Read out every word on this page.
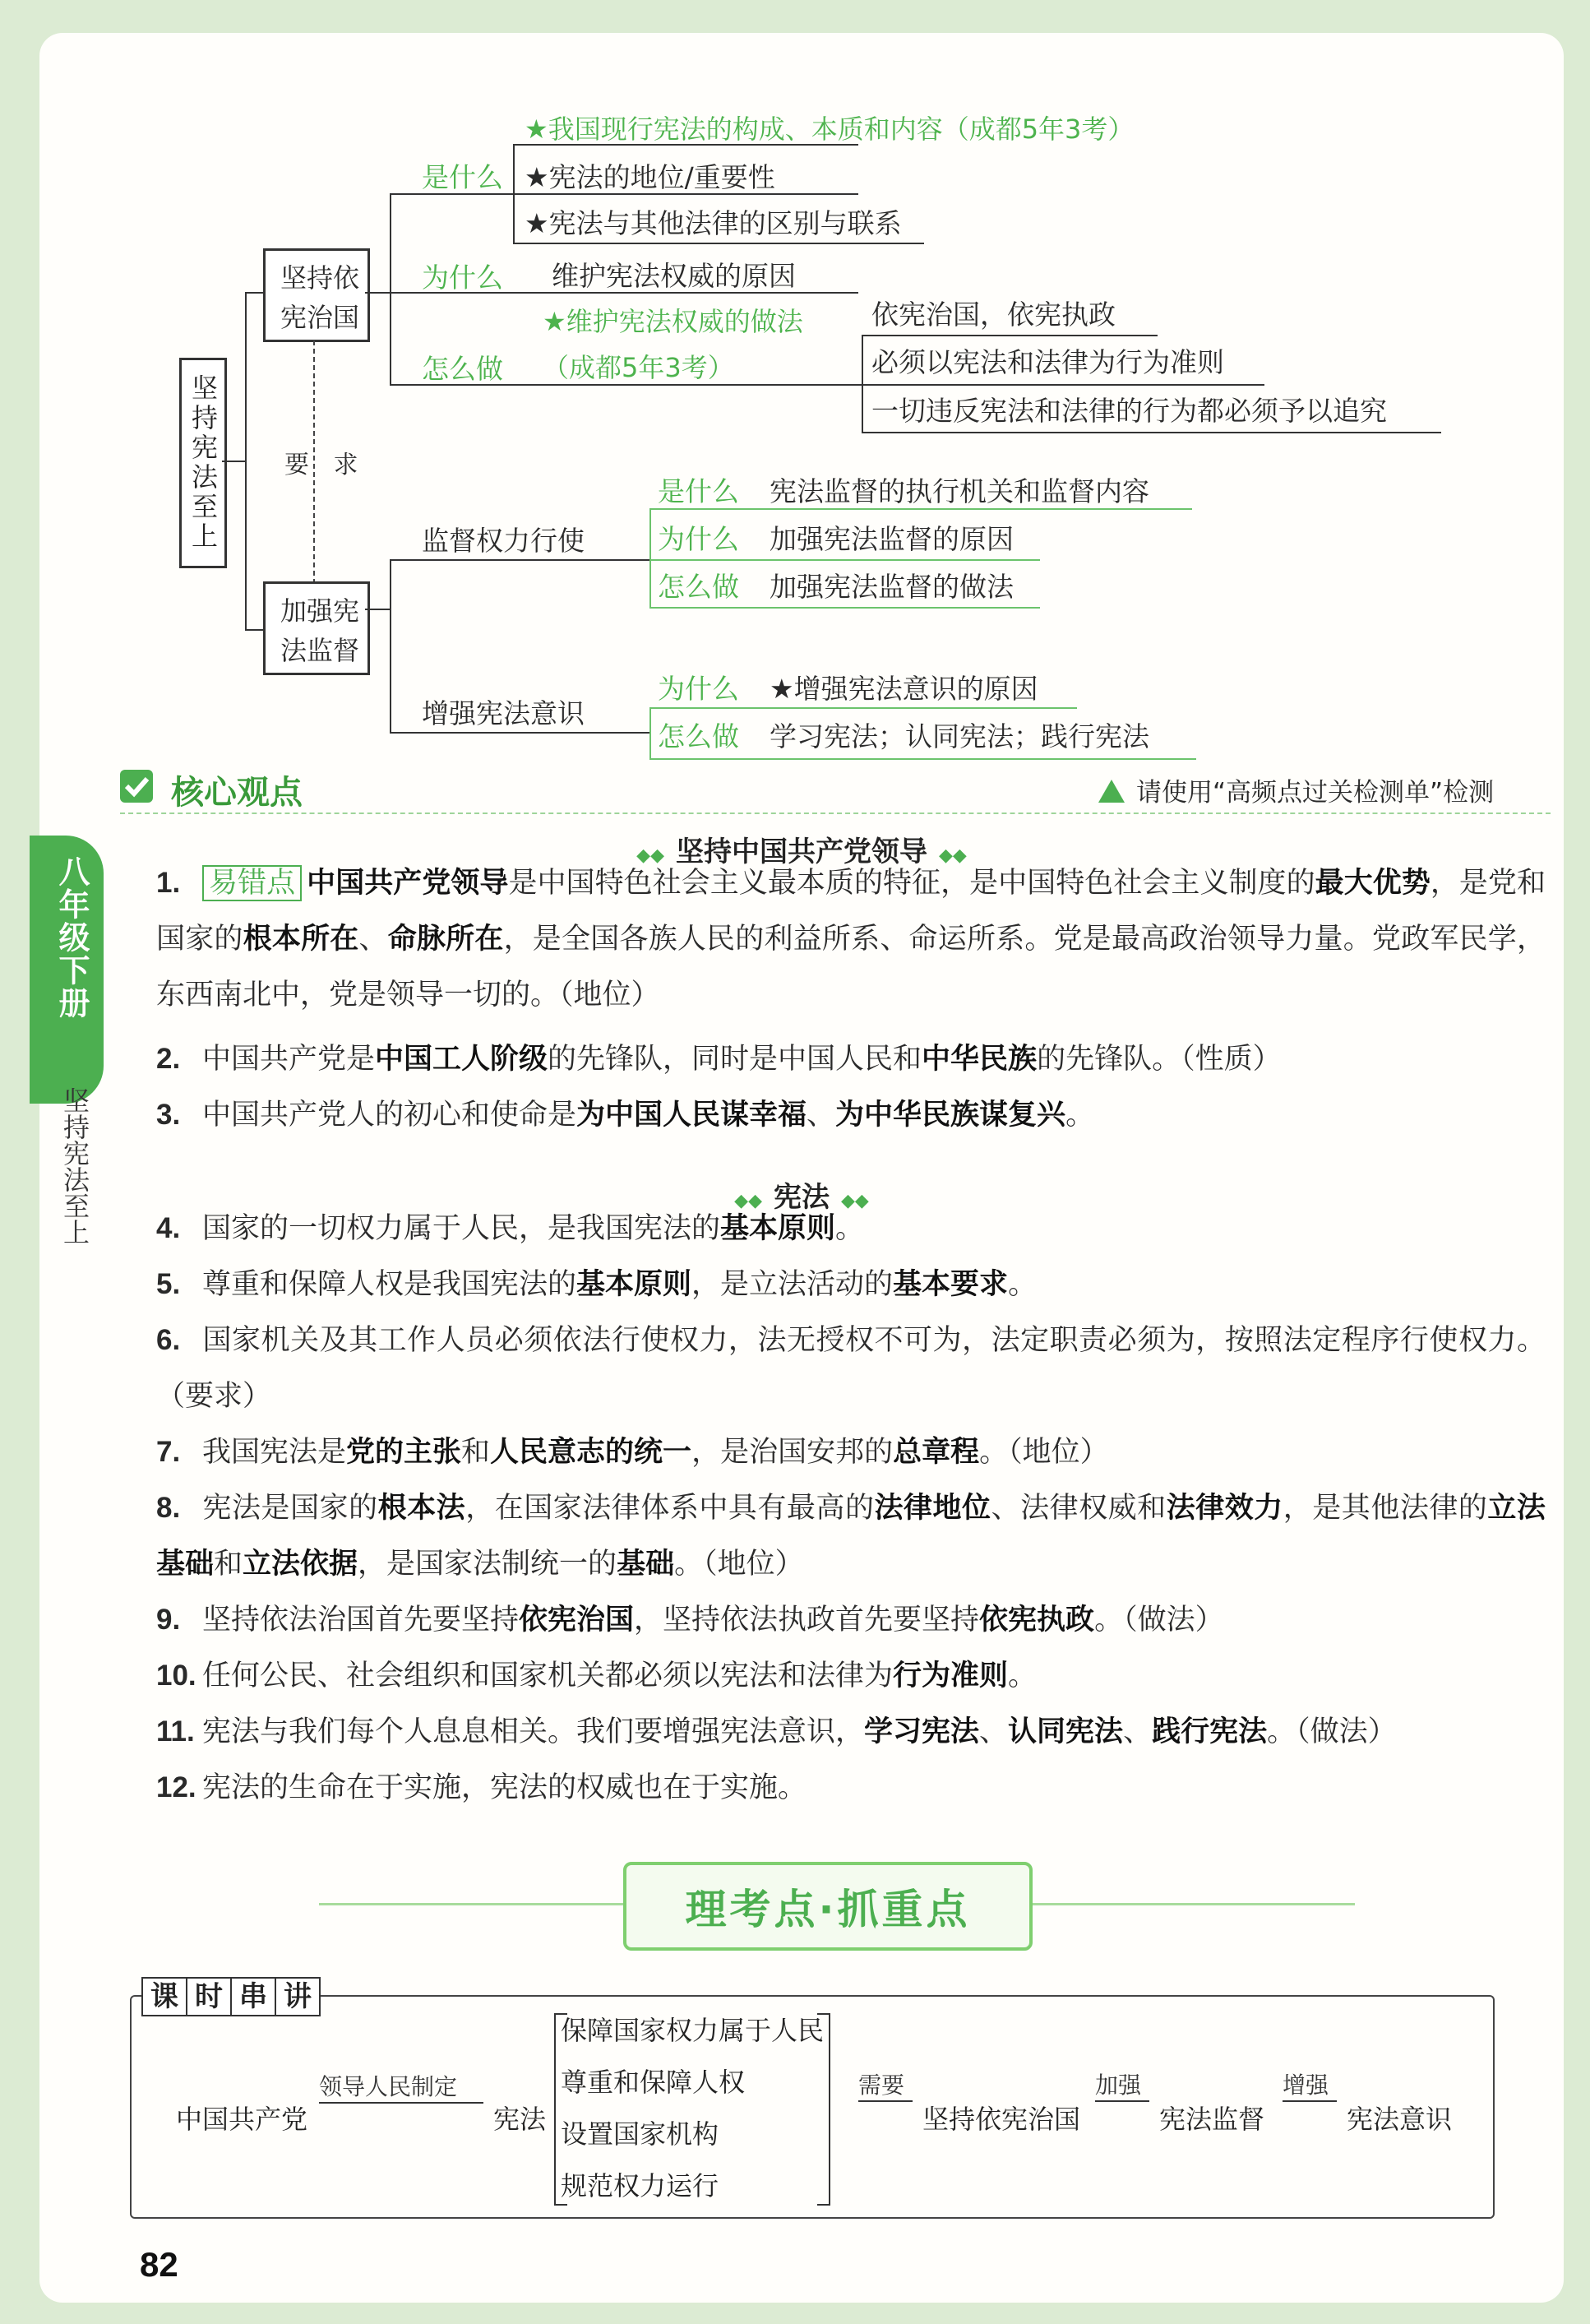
坚持宪法至上
坚持依
宪治国
要 求
加强宪
法监督
是什么
★我国现行宪法的构成、本质和内容（成都5年3考）
★宪法的地位/重要性
★宪法与其他法律的区别与联系
为什么 维护宪法权威的原因
怎么做
★维护宪法权威的做法
（成都5年3考）
依宪治国，依宪执政
必须以宪法和法律为行为准则
一切违反宪法和法律的行为都必须予以追究
监督权力行使
增强宪法意识
是什么 宪法监督的执行机关和监督内容
为什么 加强宪法监督的原因
怎么做 加强宪法监督的做法
为什么 ★增强宪法意识的原因
怎么做 学习宪法；认同宪法；践行宪法
核心观点	请使用“高频点过关检测单”检测
◆◆ 坚持中国共产党领导 ◆◆
1. 易错点 中国共产党领导是中国特色社会主义最本质的特征，是中国特色社会主义制度的最大优势，是党和国家的根本所在、命脉所在，是全国各族人民的利益所系、命运所系。党是最高政治领导力量。党政军民学，东西南北中，党是领导一切的。（地位）
2. 中国共产党是中国工人阶级的先锋队，同时是中国人民和中华民族的先锋队。（性质）
3. 中国共产党人的初心和使命是为中国人民谋幸福、为中华民族谋复兴。
◆◆ 宪法 ◆◆
4. 国家的一切权力属于人民，是我国宪法的基本原则。
5. 尊重和保障人权是我国宪法的基本原则，是立法活动的基本要求。
6. 国家机关及其工作人员必须依法行使权力，法无授权不可为，法定职责必须为，按照法定程序行使权力。（要求）
7. 我国宪法是党的主张和人民意志的统一，是治国安邦的总章程。（地位）
8. 宪法是国家的根本法，在国家法律体系中具有最高的法律地位、法律权威和法律效力，是其他法律的立法基础和立法依据，是国家法制统一的基础。（地位）
9. 坚持依法治国首先要坚持依宪治国，坚持依法执政首先要坚持依宪执政。（做法）
10. 任何公民、社会组织和国家机关都必须以宪法和法律为行为准则。
11. 宪法与我们每个人息息相关。我们要增强宪法意识，学习宪法、认同宪法、践行宪法。（做法）
12. 宪法的生命在于实施，宪法的权威也在于实施。
理考点·抓重点
课 时 串 讲
中国共产党
领导人民制定
宪法
保障国家权力属于人民
尊重和保障人权
设置国家机构
规范权力运行
需要
坚持依宪治国
加强
宪法监督
增强
宪法意识
82
八年级下册
坚持宪法至上
